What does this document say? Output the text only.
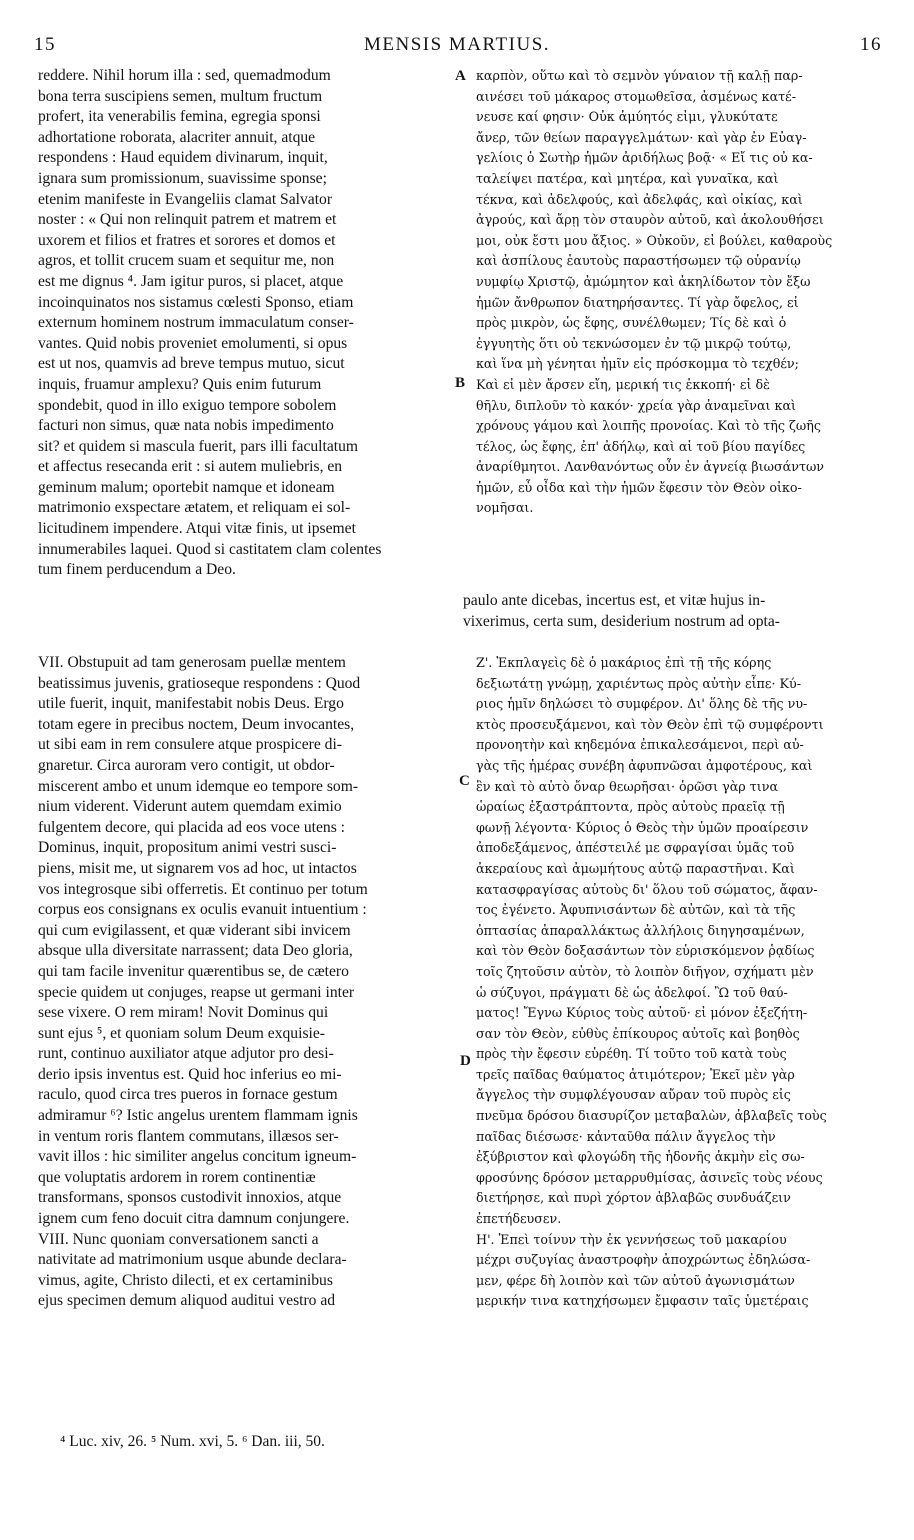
15	MENSIS MARTIUS.	16
reddere. Nihil horum illa : sed, quemadmodum
bona terra suscipiens semen, multum fructum
profert, ita venerabilis femina, egregia sponsi
adhortatione roborata, alacriter annuit, atque
respondens : Haud equidem divinarum, inquit,
ignara sum promissionum, suavissime sponse;
etenim manifeste in Evangeliis clamat Salvator
noster : « Qui non relinquit patrem et matrem et
uxorem et filios et fratres et sorores et domos et
agros, et tollit crucem suam et sequitur me, non
est me dignus ⁴. Jam igitur puros, si placet, atque
incoinquinatos nos sistamus cœlesti Sponso, etiam
externum hominem nostrum immaculatum conser-
vantes. Quid nobis proveniet emolumenti, si opus
est ut nos, quamvis ad breve tempus mutuo, sicut
inquis, fruamur amplexu? Quis enim futurum
spondebit, quod in illo exiguo tempore sobolem
facturi non simus, quæ nata nobis impedimento
sit? et quidem si mascula fuerit, pars illi facultatum
et affectus resecanda erit : si autem muliebris, en
geminum malum; oportebit namque et idoneam
matrimonio exspectare ætatem, et reliquam ei sol-
licitudinem impendere. Atqui vitæ finis, ut ipsemet
innumerabiles laquei. Quod si castitatem clam colentes
tum finem perducendum a Deo.
καρπὸν, οὕτω καὶ τὸ σεμνὸν γύναιον τῇ καλῇ παρ-
αινέσει τοῦ μάκαρος στομωθεῖσα, ἀσμένως κατέ-
νευσε καί φησιν· Οὐκ ἀμύητός εἰμι, γλυκύτατε
ἄνερ, τῶν θείων παραγγελμάτων· καὶ γὰρ ἐν Εὐαγ-
γελίοις ὁ Σωτὴρ ἡμῶν ἀριδήλως βοᾷ· « Εἴ τις οὐ κα-
ταλείψει πατέρα, καὶ μητέρα, καὶ γυναῖκα, καὶ
τέκνα, καὶ ἀδελφούς, καὶ ἀδελφάς, καὶ οἰκίας, καὶ
ἀγρούς, καὶ ἄρῃ τὸν σταυρὸν αὐτοῦ, καὶ ἀκολουθήσει
μοι, οὐκ ἔστι μου ἄξιος. » Οὐκοῦν, εἰ βούλει, καθαροὺς
καὶ ἀσπίλους ἑαυτοὺς παραστήσωμεν τῷ οὐρανίῳ
νυμφίῳ Χριστῷ, ἀμώμητον καὶ ἀκηλίδωτον τὸν ἔξω
ἡμῶν ἄνθρωπον διατηρήσαντες. Τί γὰρ ὄφελος, εἰ
πρὸς μικρὸν, ὡς ἔφης, συνέλθωμεν; Τίς δὲ καὶ ὁ
ἐγγυητὴς ὅτι οὐ τεκνώσομεν ἐν τῷ μικρῷ τούτῳ,
καὶ ἵνα μὴ γένηται ἡμῖν εἰς πρόσκομμα τὸ τεχθέν;
Καὶ εἰ μὲν ἄρσεν εἴη, μερική τις ἐκκοπή· εἰ δὲ
θῆλυ, διπλοῦν τὸ κακόν· χρεία γὰρ ἀναμεῖναι καὶ
χρόνους γάμου καὶ λοιπῆς προνοίας. Καὶ τὸ τῆς ζωῆς
τέλος, ὡς ἔφης, ἐπ' ἀδήλῳ, καὶ αἱ τοῦ βίου παγίδες
ἀναρίθμητοι. Λανθανόντως οὖν ἐν ἁγνείᾳ βιωσάντων
ἡμῶν, εὖ οἶδα καὶ τὴν ἡμῶν ἔφεσιν τὸν Θεὸν οἰκο-
νομῆσαι.
A
B
C
D
paulo ante dicebas, incertus est, et vitæ hujus in-
vixerimus, certa sum, desiderium nostrum ad opta-
VII. Obstupuit ad tam generosam puellæ mentem
beatissimus juvenis, gratioseque respondens : Quod
utile fuerit, inquit, manifestabit nobis Deus. Ergo
totam egere in precibus noctem, Deum invocantes,
ut sibi eam in rem consulere atque prospicere di-
gnaretur. Circa auroram vero contigit, ut obdor-
miscerent ambo et unum idemque eo tempore som-
nium viderent. Viderunt autem quemdam eximio
fulgentem decore, qui placida ad eos voce utens :
Dominus, inquit, propositum animi vestri susci-
piens, misit me, ut signarem vos ad hoc, ut intactos
vos integrosque sibi offerretis. Et continuo per totum
corpus eos consignans ex oculis evanuit intuentium :
qui cum evigilassent, et quæ viderant sibi invicem
absque ulla diversitate narrassent; data Deo gloria,
qui tam facile invenitur quærentibus se, de cætero
specie quidem ut conjuges, reapse ut germani inter
sese vixere. O rem miram! Novit Dominus qui
sunt ejus ⁵, et quoniam solum Deum exquisie-
runt, continuo auxiliator atque adjutor pro desi-
derio ipsis inventus est. Quid hoc inferius eo mi-
raculo, quod circa tres pueros in fornace gestum
admiramur ⁶? Istic angelus urentem flammam ignis
in ventum roris flantem commutans, illæsos ser-
vavit illos : hic similiter angelus concitum igneum-
que voluptatis ardorem in rorem continentiæ
transformans, sponsos custodivit innoxios, atque
ignem cum feno docuit citra damnum conjungere.
VIII. Nunc quoniam conversationem sancti a
nativitate ad matrimonium usque abunde declara-
vimus, agite, Christo dilecti, et ex certaminibus
ejus specimen demum aliquod auditui vestro ad
Ζ'. Ἐκπλαγεὶς δὲ ὁ μακάριος ἐπὶ τῇ τῆς κόρης
δεξιωτάτῃ γνώμῃ, χαριέντως πρὸς αὐτὴν εἶπε· Κύ-
ριος ἡμῖν δηλώσει τὸ συμφέρον. Δι' ὅλης δὲ τῆς νυ-
κτὸς προσευξάμενοι, καὶ τὸν Θεὸν ἐπὶ τῷ συμφέροντι
προνοητὴν καὶ κηδεμόνα ἐπικαλεσάμενοι, περὶ αὐ-
γὰς τῆς ἡμέρας συνέβη ἀφυπνῶσαι ἀμφοτέρους, καὶ
ἓν καὶ τὸ αὐτὸ ὄναρ θεωρῆσαι· ὁρῶσι γὰρ τινα
ὡραίως ἐξαστράπτοντα, πρὸς αὐτοὺς πραεῖᾳ τῇ
φωνῇ λέγοντα· Κύριος ὁ Θεὸς τὴν ὑμῶν προαίρεσιν
ἀποδεξάμενος, ἀπέστειλέ με σφραγίσαι ὑμᾶς τοῦ
ἀκεραίους καὶ ἀμωμήτους αὐτῷ παραστῆναι. Καὶ
κατασφραγίσας αὐτοὺς δι' ὅλου τοῦ σώματος, ἄφαν-
τος ἐγένετο. Ἀφυπνισάντων δὲ αὐτῶν, καὶ τὰ τῆς
ὀπτασίας ἀπαραλλάκτως ἀλλήλοις διηγησαμένων,
καὶ τὸν Θεὸν δοξασάντων τὸν εὑρισκόμενον ῥᾳδίως
τοῖς ζητοῦσιν αὐτὸν, τὸ λοιπὸν διῆγον, σχήματι μὲν
ὡ σύζυγοι, πράγματι δὲ ὡς ἀδελφοί. Ὢ τοῦ θαύ-
ματος! Ἔγνω Κύριος τοὺς αὐτοῦ· εἰ μόνον ἐξεζήτη-
σαν τὸν Θεὸν, εὐθὺς ἐπίκουρος αὐτοῖς καὶ βοηθὸς
πρὸς τὴν ἔφεσιν εὑρέθη. Τί τοῦτο τοῦ κατὰ τοὺς
τρεῖς παῖδας θαύματος ἀτιμότερον; Ἐκεῖ μὲν γὰρ
ἄγγελος τὴν συμφλέγουσαν αὔραν τοῦ πυρὸς εἰς
πνεῦμα δρόσου διασυρίζον μεταβαλὼν, ἀβλαβεῖς τοὺς
παῖδας διέσωσε· κἀνταῦθα πάλιν ἄγγελος τὴν
ἐξύβριστον καὶ φλογώδη τῆς ἡδονῆς ἀκμὴν εἰς σω-
φροσύνης δρόσον μεταρρυθμίσας, ἀσινεῖς τοὺς νέους
διετήρησε, καὶ πυρὶ χόρτον ἀβλαβῶς συνδυάζειν
ἐπετήδευσεν.
Η'. Ἐπεὶ τοίνυν τὴν ἐκ γεννήσεως τοῦ μακαρίου
μέχρι συζυγίας ἀναστροφὴν ἀποχρώντως ἐδηλώσα-
μεν, φέρε δὴ λοιπὸν καὶ τῶν αὐτοῦ ἀγωνισμάτων
μερικήν τινα κατηχήσωμεν ἔμφασιν ταῖς ὑμετέραις
⁴ Luc. xiv, 26. ⁵ Num. xvi, 5. ⁶ Dan. iii, 50.
